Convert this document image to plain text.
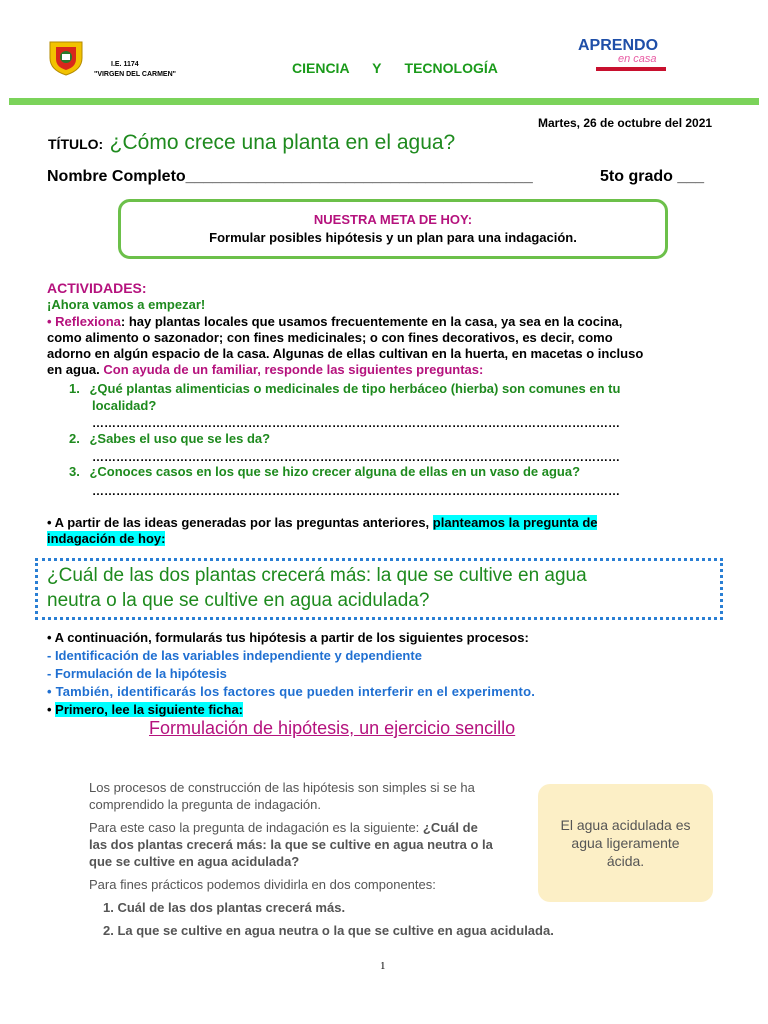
I.E. 1174
"VIRGEN DEL CARMEN"	CIENCIA      Y      TECNOLOGÍA
APRENDO
en casa
Martes, 26 de octubre del 2021
TÍTULO: ¿Cómo crece una planta en el agua?
Nombre Completo_______________________________________	5to grado ___
NUESTRA META DE HOY:
Formular posibles hipótesis y un plan para una indagación.
ACTIVIDADES:
¡Ahora vamos a empezar!
• Reflexiona: hay plantas locales que usamos frecuentemente en la casa, ya sea en la cocina,
como alimento o sazonador; con fines medicinales; o con fines decorativos, es decir, como
adorno en algún espacio de la casa. Algunas de ellas cultivan en la huerta, en macetas o incluso
en agua. Con ayuda de un familiar, responde las siguientes preguntas:
1. ¿Qué plantas alimenticias o medicinales de tipo herbáceo (hierba) son comunes en tu
localidad?
……………………………………………………………………………………………………………………
2. ¿Sabes el uso que se les da?
……………………………………………………………………………………………………………………
3. ¿Conoces casos en los que se hizo crecer alguna de ellas en un vaso de agua?
……………………………………………………………………………………………………………………
• A partir de las ideas generadas por las preguntas anteriores, planteamos la pregunta de
indagación de hoy:
¿Cuál de las dos plantas crecerá más: la que se cultive en agua
neutra o la que se cultive en agua acidulada?
• A continuación, formularás tus hipótesis a partir de los siguientes procesos:
- Identificación de las variables independiente y dependiente
- Formulación de la hipótesis
• También, identificarás los factores que pueden interferir en el experimento.
• Primero, lee la siguiente ficha:
Formulación de hipótesis, un ejercicio sencillo
Los procesos de construcción de las hipótesis son simples si se ha
comprendido la pregunta de indagación.
Para este caso la pregunta de indagación es la siguiente: ¿Cuál de
las dos plantas crecerá más: la que se cultive en agua neutra o la
que se cultive en agua acidulada?
Para fines prácticos podemos dividirla en dos componentes:
1. Cuál de las dos plantas crecerá más.
2. La que se cultive en agua neutra o la que se cultive en agua acidulada.
El agua acidulada es agua ligeramente ácida.
1
